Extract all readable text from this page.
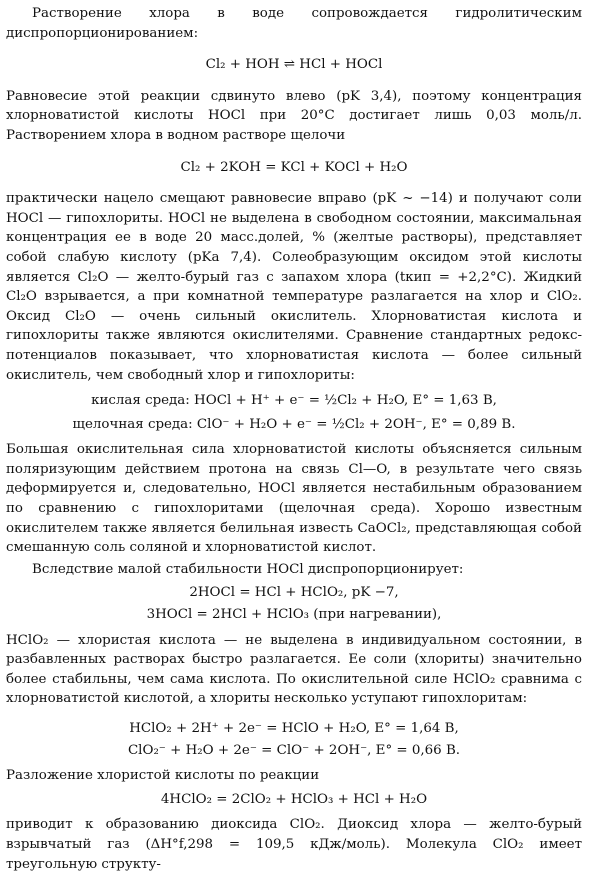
Растворение хлора в воде сопровождается гидролитическим диспропорционированием:

Cl₂ + HOH ⇌ HCl + HOCl

Равновесие этой реакции сдвинуто влево (pK 3,4), поэтому концентрация хлорноватистой кислоты HOCl при 20°C достигает лишь 0,03 моль/л. Растворением хлора в водном растворе щелочи

Cl₂ + 2KOH = KCl + KOCl + H₂O

практически нацело смещают равновесие вправо (pK ~ −14) и получают соли HOCl — гипохлориты. HOCl не выделена в свободном состоянии, максимальная концентрация ее в воде 20 масс.долей, % (желтые растворы), представляет собой слабую кислоту (pKa 7,4). Солеобразующим оксидом этой кислоты является Cl₂O — желто-бурый газ с запахом хлора (tкип = +2,2°C). Жидкий Cl₂O взрывается, а при комнатной температуре разлагается на хлор и ClO₂. Оксид Cl₂O — очень сильный окислитель. Хлорноватистая кислота и гипохлориты также являются окислителями. Сравнение стандартных редокс-потенциалов показывает, что хлорноватистая кислота — более сильный окислитель, чем свободный хлор и гипохлориты:

кислая среда: HOCl + H⁺ + e⁻ = ½Cl₂ + H₂O, E° = 1,63 B,

щелочная среда: ClO⁻ + H₂O + e⁻ = ½Cl₂ + 2OH⁻, E° = 0,89 B.

Большая окислительная сила хлорноватистой кислоты объясняется сильным поляризующим действием протона на связь Cl—O, в результате чего связь деформируется и, следовательно, HOCl является нестабильным образованием по сравнению с гипохлоритами (щелочная среда). Хорошо известным окислителем также является белильная известь CaOCl₂, представляющая собой смешанную соль соляной и хлорноватистой кислот.

Вследствие малой стабильности HOCl диспропорционирует:

2HOCl = HCl + HClO₂, pK −7,

3HOCl = 2HCl + HClO₃ (при нагревании),

HClO₂ — хлористая кислота — не выделена в индивидуальном состоянии, в разбавленных растворах быстро разлагается. Ее соли (хлориты) значительно более стабильны, чем сама кислота. По окислительной силе HClO₂ сравнима с хлорноватистой кислотой, а хлориты несколько уступают гипохлоритам:

HClO₂ + 2H⁺ + 2e⁻ = HClO + H₂O, E° = 1,64 B,

ClO₂⁻ + H₂O + 2e⁻ = ClO⁻ + 2OH⁻, E° = 0,66 B.

Разложение хлористой кислоты по реакции

4HClO₂ = 2ClO₂ + HClO₃ + HCl + H₂O

приводит к образованию диоксида ClO₂. Диоксид хлора — желто-бурый взрывчатый газ (ΔH°f,298 = 109,5 кДж/моль). Молекула ClO₂ имеет треугольную структу-
